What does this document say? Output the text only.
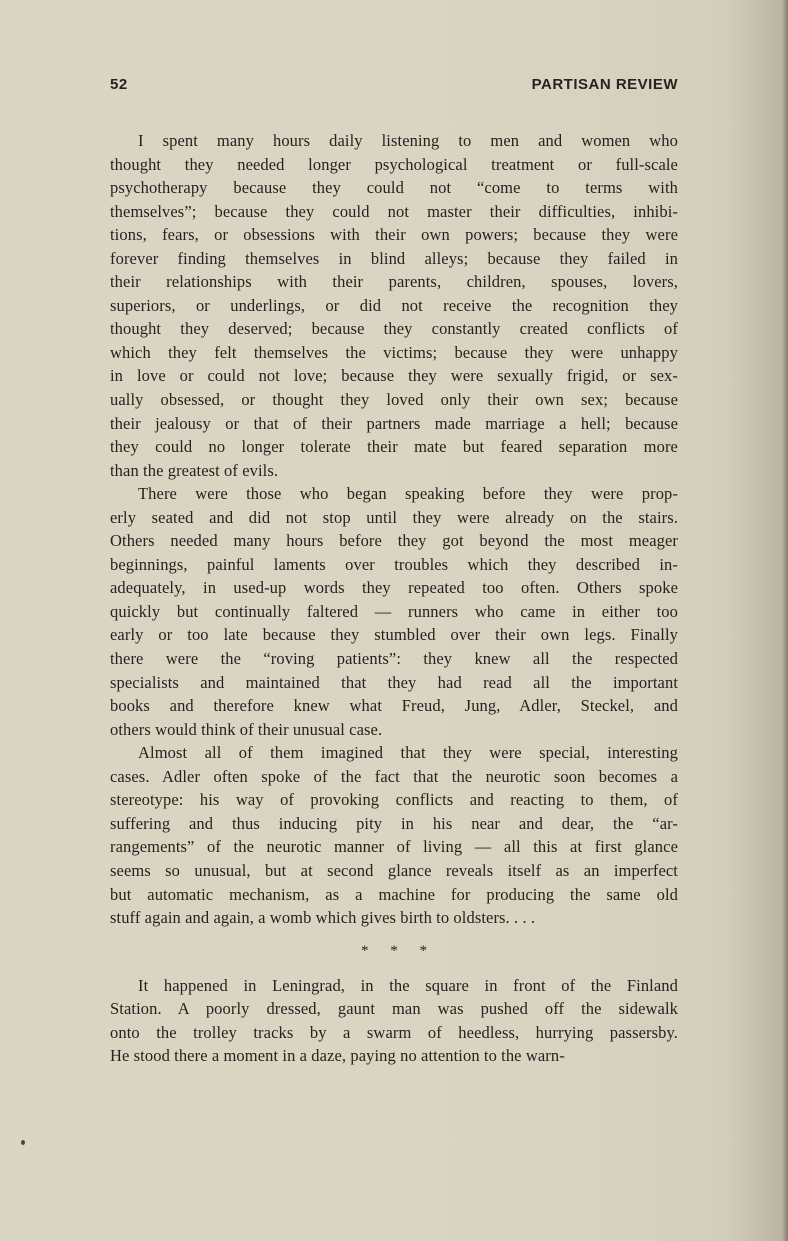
52	PARTISAN REVIEW
I spent many hours daily listening to men and women who
thought they needed longer psychological treatment or full-scale
psychotherapy because they could not “come to terms with
themselves”; because they could not master their difficulties, inhibi-
tions, fears, or obsessions with their own powers; because they were
forever finding themselves in blind alleys; because they failed in
their relationships with their parents, children, spouses, lovers,
superiors, or underlings, or did not receive the recognition they
thought they deserved; because they constantly created conflicts of
which they felt themselves the victims; because they were unhappy
in love or could not love; because they were sexually frigid, or sex-
ually obsessed, or thought they loved only their own sex; because
their jealousy or that of their partners made marriage a hell; because
they could no longer tolerate their mate but feared separation more
than the greatest of evils.
There were those who began speaking before they were prop-
erly seated and did not stop until they were already on the stairs.
Others needed many hours before they got beyond the most meager
beginnings, painful laments over troubles which they described in-
adequately, in used-up words they repeated too often. Others spoke
quickly but continually faltered — runners who came in either too
early or too late because they stumbled over their own legs. Finally
there were the “roving patients”: they knew all the respected
specialists and maintained that they had read all the important
books and therefore knew what Freud, Jung, Adler, Steckel, and
others would think of their unusual case.
Almost all of them imagined that they were special, interesting
cases. Adler often spoke of the fact that the neurotic soon becomes a
stereotype: his way of provoking conflicts and reacting to them, of
suffering and thus inducing pity in his near and dear, the “ar-
rangements” of the neurotic manner of living — all this at first glance
seems so unusual, but at second glance reveals itself as an imperfect
but automatic mechanism, as a machine for producing the same old
stuff again and again, a womb which gives birth to oldsters. . . .
* * *
It happened in Leningrad, in the square in front of the Finland
Station. A poorly dressed, gaunt man was pushed off the sidewalk
onto the trolley tracks by a swarm of heedless, hurrying passersby.
He stood there a moment in a daze, paying no attention to the warn-
